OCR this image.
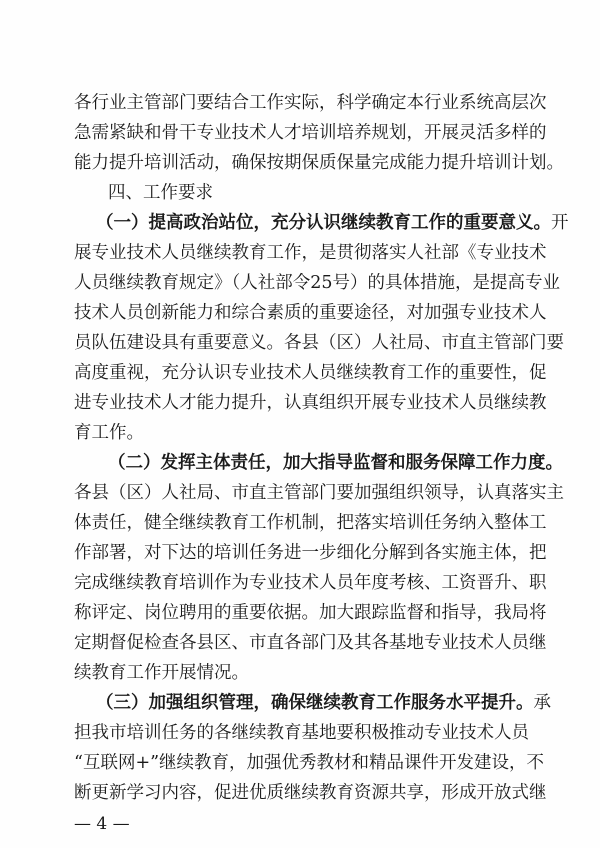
各行业主管部门要结合工作实际，科学确定本行业系统高层次
急需紧缺和骨干专业技术人才培训培养规划，开展灵活多样的
能力提升培训活动，确保按期保质保量完成能力提升培训计划。
四、工作要求
（一）提高政治站位，充分认识继续教育工作的重要意义。开
展专业技术人员继续教育工作，是贯彻落实人社部《专业技术
人员继续教育规定》（人社部令25号）的具体措施，是提高专业
技术人员创新能力和综合素质的重要途径，对加强专业技术人
员队伍建设具有重要意义。各县（区）人社局、市直主管部门要
高度重视，充分认识专业技术人员继续教育工作的重要性，促
进专业技术人才能力提升，认真组织开展专业技术人员继续教
育工作。
（二）发挥主体责任，加大指导监督和服务保障工作力度。
各县（区）人社局、市直主管部门要加强组织领导，认真落实主
体责任，健全继续教育工作机制，把落实培训任务纳入整体工
作部署，对下达的培训任务进一步细化分解到各实施主体，把
完成继续教育培训作为专业技术人员年度考核、工资晋升、职
称评定、岗位聘用的重要依据。加大跟踪监督和指导，我局将
定期督促检查各县区、市直各部门及其各基地专业技术人员继
续教育工作开展情况。
（三）加强组织管理，确保继续教育工作服务水平提升。承
担我市培训任务的各继续教育基地要积极推动专业技术人员
“互联网+”继续教育，加强优秀教材和精品课件开发建设，不
断更新学习内容，促进优质继续教育资源共享，形成开放式继
— 4 —
